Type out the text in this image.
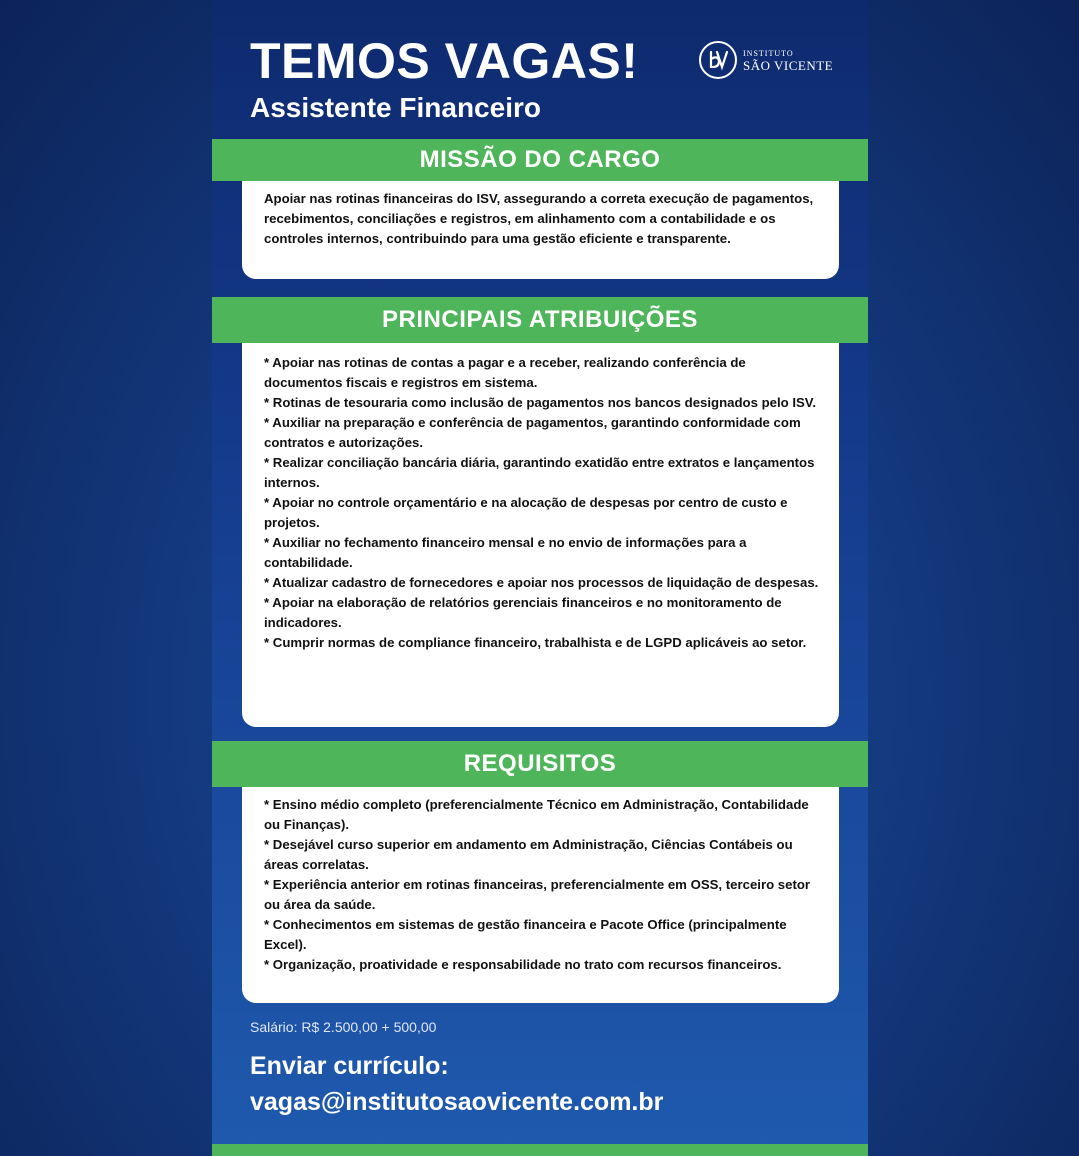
TEMOS VAGAS!
Assistente Financeiro
INSTITUTO
SÃO VICENTE
MISSÃO DO CARGO

Apoiar nas rotinas financeiras do ISV, assegurando a correta execução de pagamentos, recebimentos, conciliações e registros, em alinhamento com a contabilidade e os controles internos, contribuindo para uma gestão eficiente e transparente.

PRINCIPAIS ATRIBUIÇÕES

* Apoiar nas rotinas de contas a pagar e a receber, realizando conferência de documentos fiscais e registros em sistema.

* Rotinas de tesouraria como inclusão de pagamentos nos bancos designados pelo ISV.

* Auxiliar na preparação e conferência de pagamentos, garantindo conformidade com contratos e autorizações.

* Realizar conciliação bancária diária, garantindo exatidão entre extratos e lançamentos internos.

* Apoiar no controle orçamentário e na alocação de despesas por centro de custo e projetos.

* Auxiliar no fechamento financeiro mensal e no envio de informações para a contabilidade.

* Atualizar cadastro de fornecedores e apoiar nos processos de liquidação de despesas.

* Apoiar na elaboração de relatórios gerenciais financeiros e no monitoramento de indicadores.

* Cumprir normas de compliance financeiro, trabalhista e de LGPD aplicáveis ao setor.

REQUISITOS

* Ensino médio completo (preferencialmente Técnico em Administração, Contabilidade ou Finanças).

* Desejável curso superior em andamento em Administração, Ciências Contábeis ou áreas correlatas.

* Experiência anterior em rotinas financeiras, preferencialmente em OSS, terceiro setor ou área da saúde.

* Conhecimentos em sistemas de gestão financeira e Pacote Office (principalmente Excel).

* Organização, proatividade e responsabilidade no trato com recursos financeiros.

Salário: R$ 2.500,00 + 500,00
Enviar currículo:
vagas@institutosaovicente.com.br
